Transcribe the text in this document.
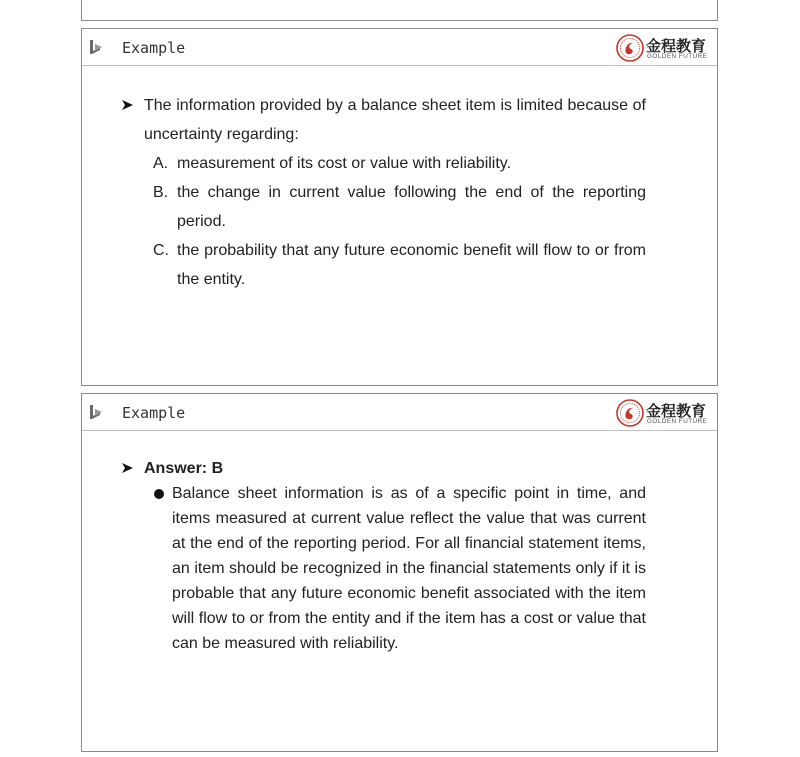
Example	金程教育
GOLDEN FUTURE
The information provided by a balance sheet item is limited because of uncertainty regarding:
A. measurement of its cost or value with reliability.
B. the change in current value following the end of the reporting period.
C. the probability that any future economic benefit will flow to or from the entity.
Example	金程教育
GOLDEN FUTURE
Answer: B
Balance sheet information is as of a specific point in time, and items measured at current value reflect the value that was current at the end of the reporting period. For all financial statement items, an item should be recognized in the financial statements only if it is probable that any future economic benefit associated with the item will flow to or from the entity and if the item has a cost or value that can be measured with reliability.
